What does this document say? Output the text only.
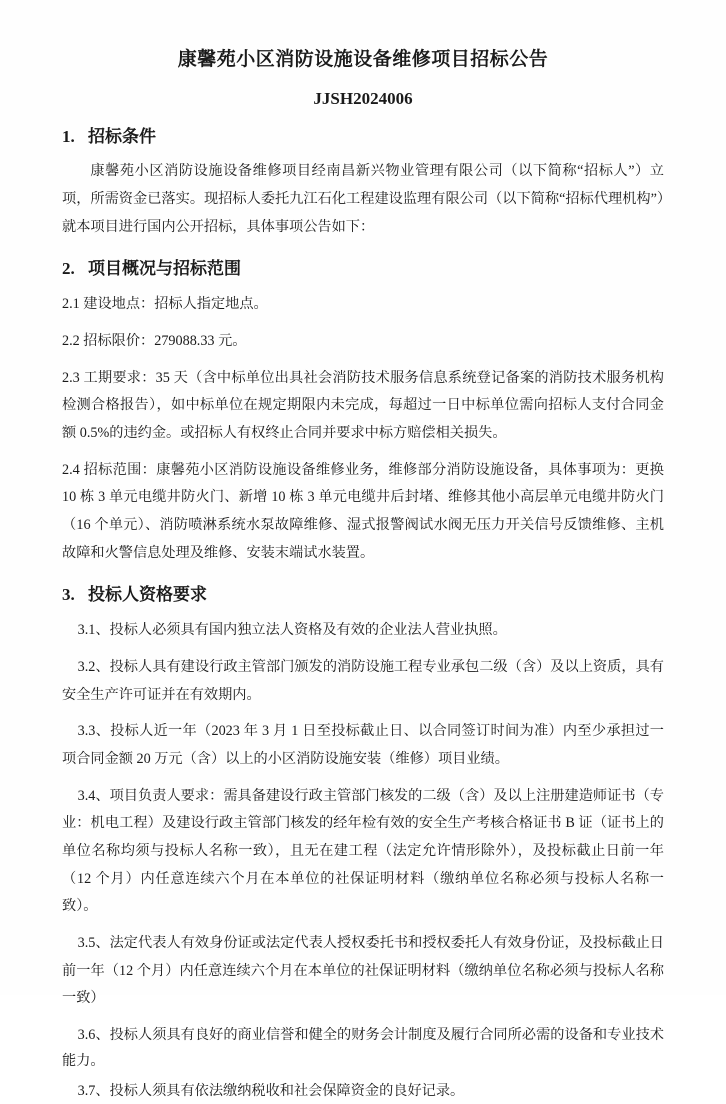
康馨苑小区消防设施设备维修项目招标公告
JJSH2024006
1. 招标条件

康馨苑小区消防设施设备维修项目经南昌新兴物业管理有限公司（以下简称“招标人”）立项，所需资金已落实。现招标人委托九江石化工程建设监理有限公司（以下简称“招标代理机构”）就本项目进行国内公开招标，具体事项公告如下：

2. 项目概况与招标范围

2.1 建设地点：招标人指定地点。

2.2 招标限价：279088.33 元。

2.3 工期要求：35 天（含中标单位出具社会消防技术服务信息系统登记备案的消防技术服务机构检测合格报告），如中标单位在规定期限内未完成，每超过一日中标单位需向招标人支付合同金额 0.5%的违约金。或招标人有权终止合同并要求中标方赔偿相关损失。

2.4 招标范围：康馨苑小区消防设施设备维修业务，维修部分消防设施设备，具体事项为：更换 10 栋 3 单元电缆井防火门、新增 10 栋 3 单元电缆井后封堵、维修其他小高层单元电缆井防火门（16 个单元）、消防喷淋系统水泵故障维修、湿式报警阀试水阀无压力开关信号反馈维修、主机故障和火警信息处理及维修、安装末端试水装置。

3. 投标人资格要求

3.1、投标人必须具有国内独立法人资格及有效的企业法人营业执照。

3.2、投标人具有建设行政主管部门颁发的消防设施工程专业承包二级（含）及以上资质，具有安全生产许可证并在有效期内。

3.3、投标人近一年（2023 年 3 月 1 日至投标截止日、以合同签订时间为准）内至少承担过一项合同金额 20 万元（含）以上的小区消防设施安装（维修）项目业绩。

3.4、项目负责人要求：需具备建设行政主管部门核发的二级（含）及以上注册建造师证书（专业：机电工程）及建设行政主管部门核发的经年检有效的安全生产考核合格证书 B 证（证书上的单位名称均须与投标人名称一致），且无在建工程（法定允许情形除外），及投标截止日前一年（12 个月）内任意连续六个月在本单位的社保证明材料（缴纳单位名称必须与投标人名称一致）。

3.5、法定代表人有效身份证或法定代表人授权委托书和授权委托人有效身份证，及投标截止日前一年（12 个月）内任意连续六个月在本单位的社保证明材料（缴纳单位名称必须与投标人名称一致）

3.6、投标人须具有良好的商业信誉和健全的财务会计制度及履行合同所必需的设备和专业技术能力。

3.7、投标人须具有依法缴纳税收和社会保障资金的良好记录。
